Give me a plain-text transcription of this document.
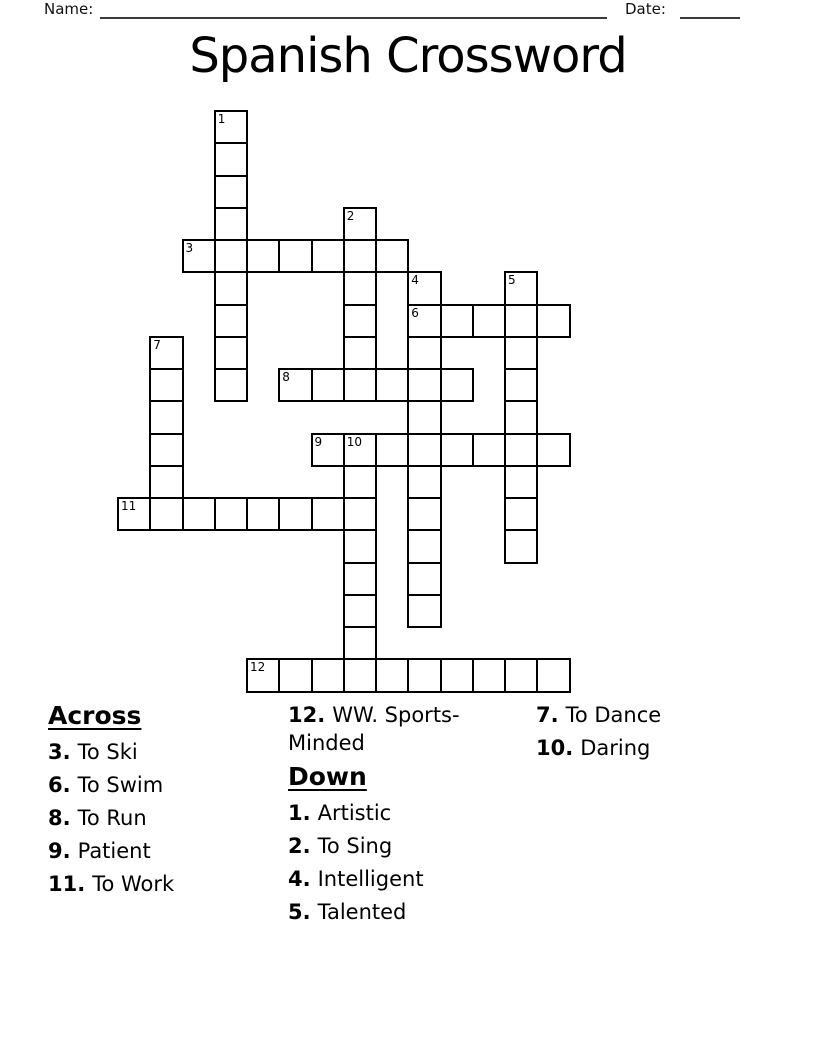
Name:	Date:
Spanish Crossword
1
2
3
4	5
6
7
8
9 10
11
12
Across
3. To Ski
6. To Swim
8. To Run
9. Patient
11. To Work
12. WW. Sports-Minded
Down
1. Artistic
2. To Sing
4. Intelligent
5. Talented
7. To Dance
10. Daring
